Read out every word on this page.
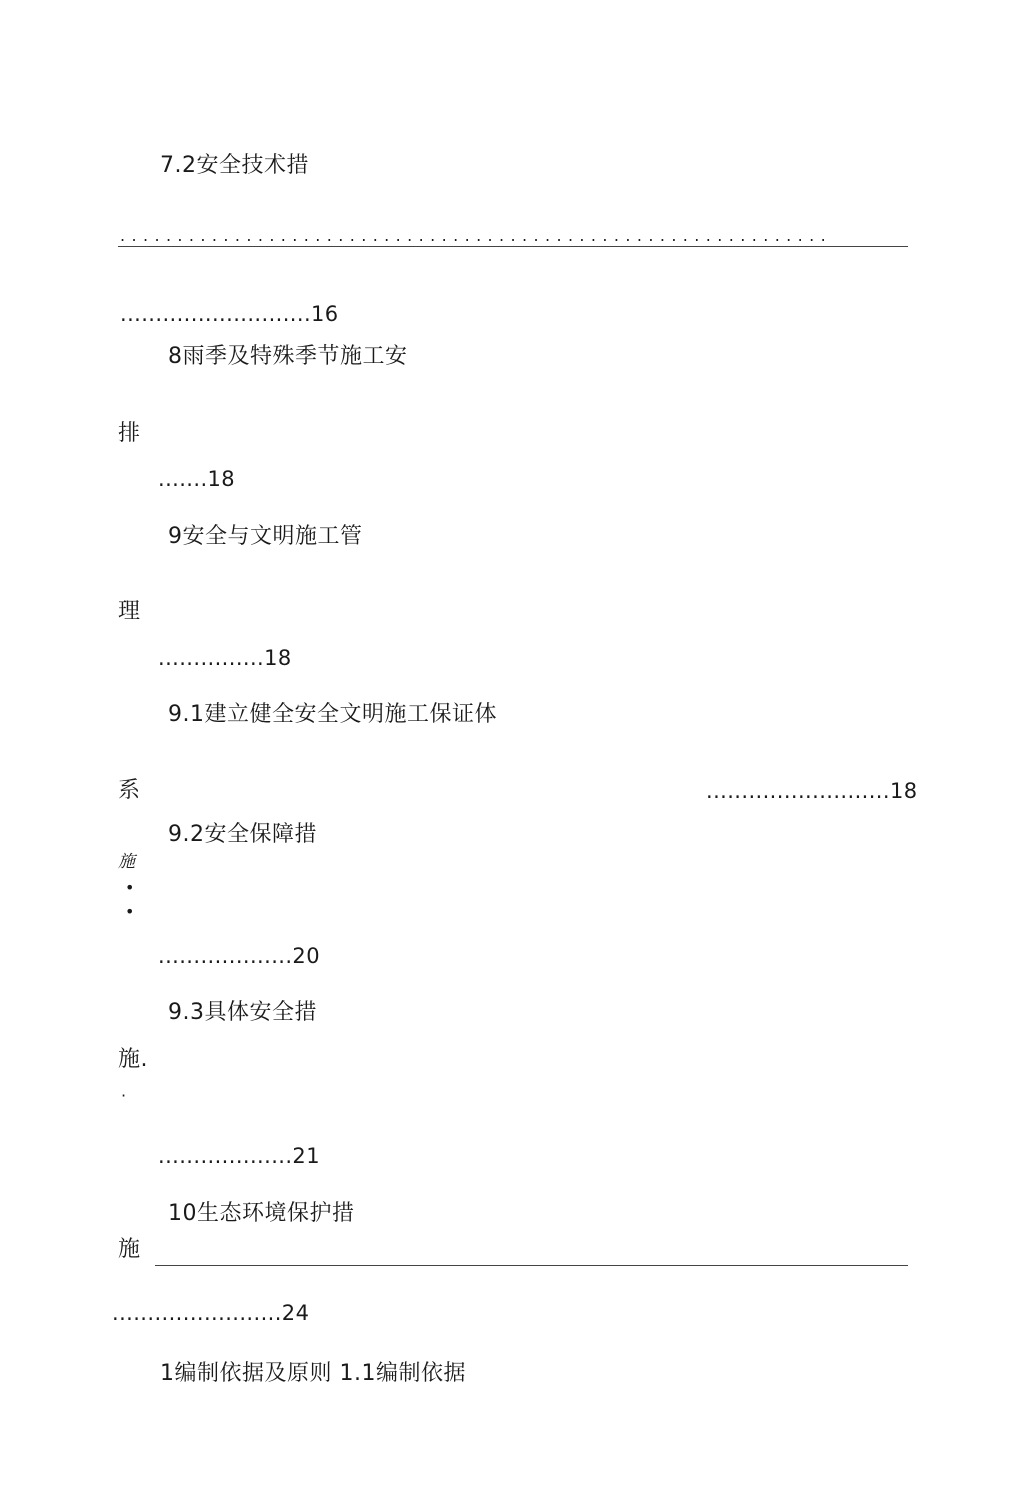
7.2安全技术措
..............................................................
...........................16
8雨季及特殊季节施工安
排
.......18
9安全与文明施工管
理
...............18
9.1建立健全安全文明施工保证体
系	..........................18
9.2安全保障措
施
•
•
...................20
9.3具体安全措
施.
·
...................21
10生态环境保护措
施
........................24
1编制依据及原则 1.1编制依据
